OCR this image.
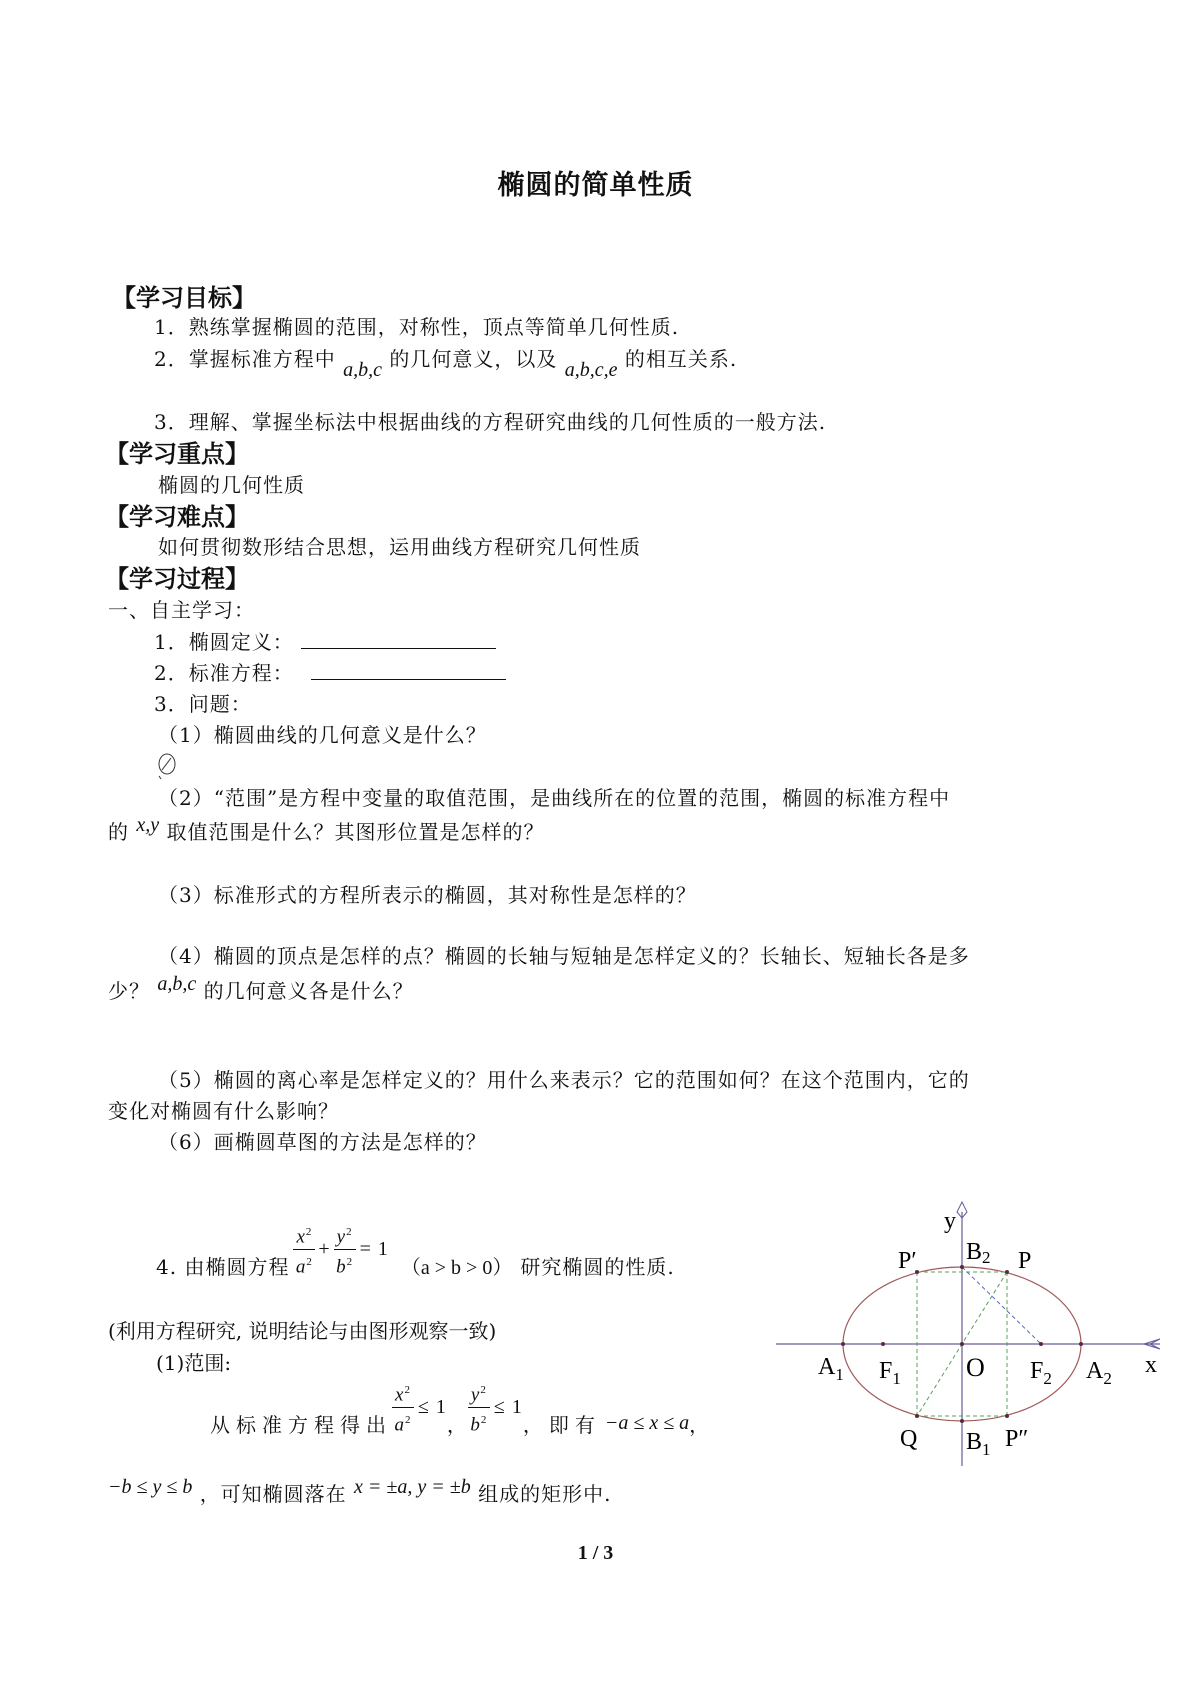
椭圆的简单性质
【学习目标】
1．熟练掌握椭圆的范围，对称性，顶点等简单几何性质.
2．掌握标准方程中 a,b,c 的几何意义，以及 a,b,c,e 的相互关系.
3．理解、掌握坐标法中根据曲线的方程研究曲线的几何性质的一般方法.
【学习重点】
椭圆的几何性质
【学习难点】
如何贯彻数形结合思想，运用曲线方程研究几何性质
【学习过程】
一、自主学习：
1．椭圆定义：
2．标准方程：
3．问题：
（1）椭圆曲线的几何意义是什么？
（2）“范围”是方程中变量的取值范围，是曲线所在的位置的范围，椭圆的标准方程中
的 x,y 取值范围是什么？其图形位置是怎样的？
（3）标准形式的方程所表示的椭圆，其对称性是怎样的？
（4）椭圆的顶点是怎样的点？椭圆的长轴与短轴是怎样定义的？长轴长、短轴长各是多
少？ a,b,c 的几何意义各是什么？
（5）椭圆的离心率是怎样定义的？用什么来表示？它的范围如何？在这个范围内，它的
变化对椭圆有什么影响？
（6）画椭圆草图的方法是怎样的？
4. 由椭圆方程 $\frac{x^2}{a^2} + \frac{y^2}{b^2} = 1$
（a > b > 0） 研究椭圆的性质.
(利用方程研究, 说明结论与由图形观察一致)
(1)范围:
从标准方程得出 $\frac{x^2}{a^2} \le 1$
， $\frac{y^2}{b^2} \le 1$
，即有 −a ≤ x ≤ a ，
−b ≤ y ≤ b ，可知椭圆落在 x = ±a, y = ±b 组成的矩形中.
y
x
O
$A_1$	$A_2$
$F_1$	$F_2$
B2
$B_1$
P′	P
Q	P″
1 / 3
